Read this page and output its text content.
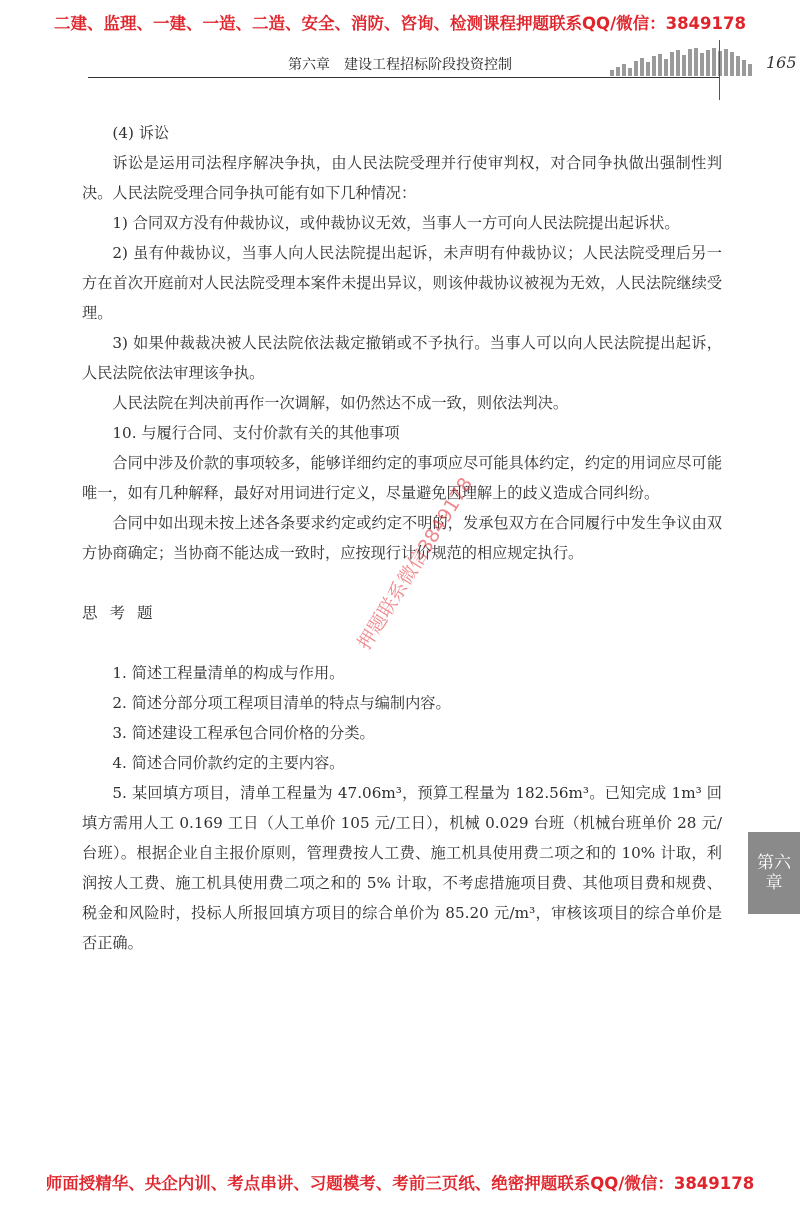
二建、监理、一建、一造、二造、安全、消防、咨询、检测课程押题联系QQ/微信：3849178
第六章　建设工程招标阶段投资控制	165

(4) 诉讼

诉讼是运用司法程序解决争执，由人民法院受理并行使审判权，对合同争执做出强制性判决。人民法院受理合同争执可能有如下几种情况：

1) 合同双方没有仲裁协议，或仲裁协议无效，当事人一方可向人民法院提出起诉状。

2) 虽有仲裁协议，当事人向人民法院提出起诉，未声明有仲裁协议；人民法院受理后另一方在首次开庭前对人民法院受理本案件未提出异议，则该仲裁协议被视为无效，人民法院继续受理。

3) 如果仲裁裁决被人民法院依法裁定撤销或不予执行。当事人可以向人民法院提出起诉，人民法院依法审理该争执。

人民法院在判决前再作一次调解，如仍然达不成一致，则依法判决。

10. 与履行合同、支付价款有关的其他事项

合同中涉及价款的事项较多，能够详细约定的事项应尽可能具体约定，约定的用词应尽可能唯一，如有几种解释，最好对用词进行定义，尽量避免因理解上的歧义造成合同纠纷。

合同中如出现未按上述各条要求约定或约定不明的，发承包双方在合同履行中发生争议由双方协商确定；当协商不能达成一致时，应按现行计价规范的相应规定执行。

思考题

1. 简述工程量清单的构成与作用。

2. 简述分部分项工程项目清单的特点与编制内容。

3. 简述建设工程承包合同价格的分类。

4. 简述合同价款约定的主要内容。

5. 某回填方项目，清单工程量为 47.06m³，预算工程量为 182.56m³。已知完成 1m³ 回填方需用人工 0.169 工日（人工单价 105 元/工日），机械 0.029 台班（机械台班单价 28 元/台班）。根据企业自主报价原则，管理费按人工费、施工机具使用费二项之和的 10% 计取，利润按人工费、施工机具使用费二项之和的 5% 计取，不考虑措施项目费、其他项目费和规费、税金和风险时，投标人所报回填方项目的综合单价为 85.20 元/m³，审核该项目的综合单价是否正确。

押题联系微信3849178
第六
章
师面授精华、央企内训、考点串讲、习题模考、考前三页纸、绝密押题联系QQ/微信：3849178
